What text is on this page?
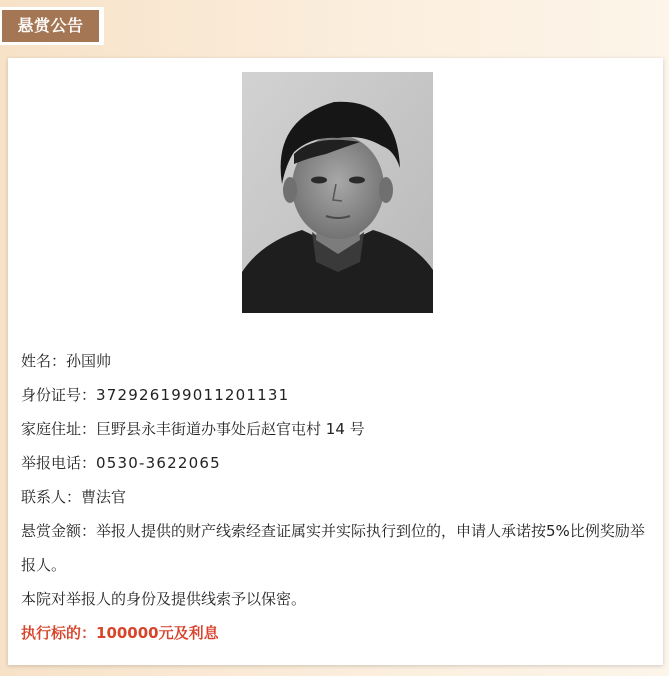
悬赏公告
姓名：孙国帅
身份证号：372926199011201131
家庭住址：巨野县永丰街道办事处后赵官屯村 14 号
举报电话：0530-3622065
联系人：曹法官
悬赏金额：举报人提供的财产线索经查证属实并实际执行到位的，申请人承诺按5%比例奖励举报人。
本院对举报人的身份及提供线索予以保密。
执行标的：100000元及利息
